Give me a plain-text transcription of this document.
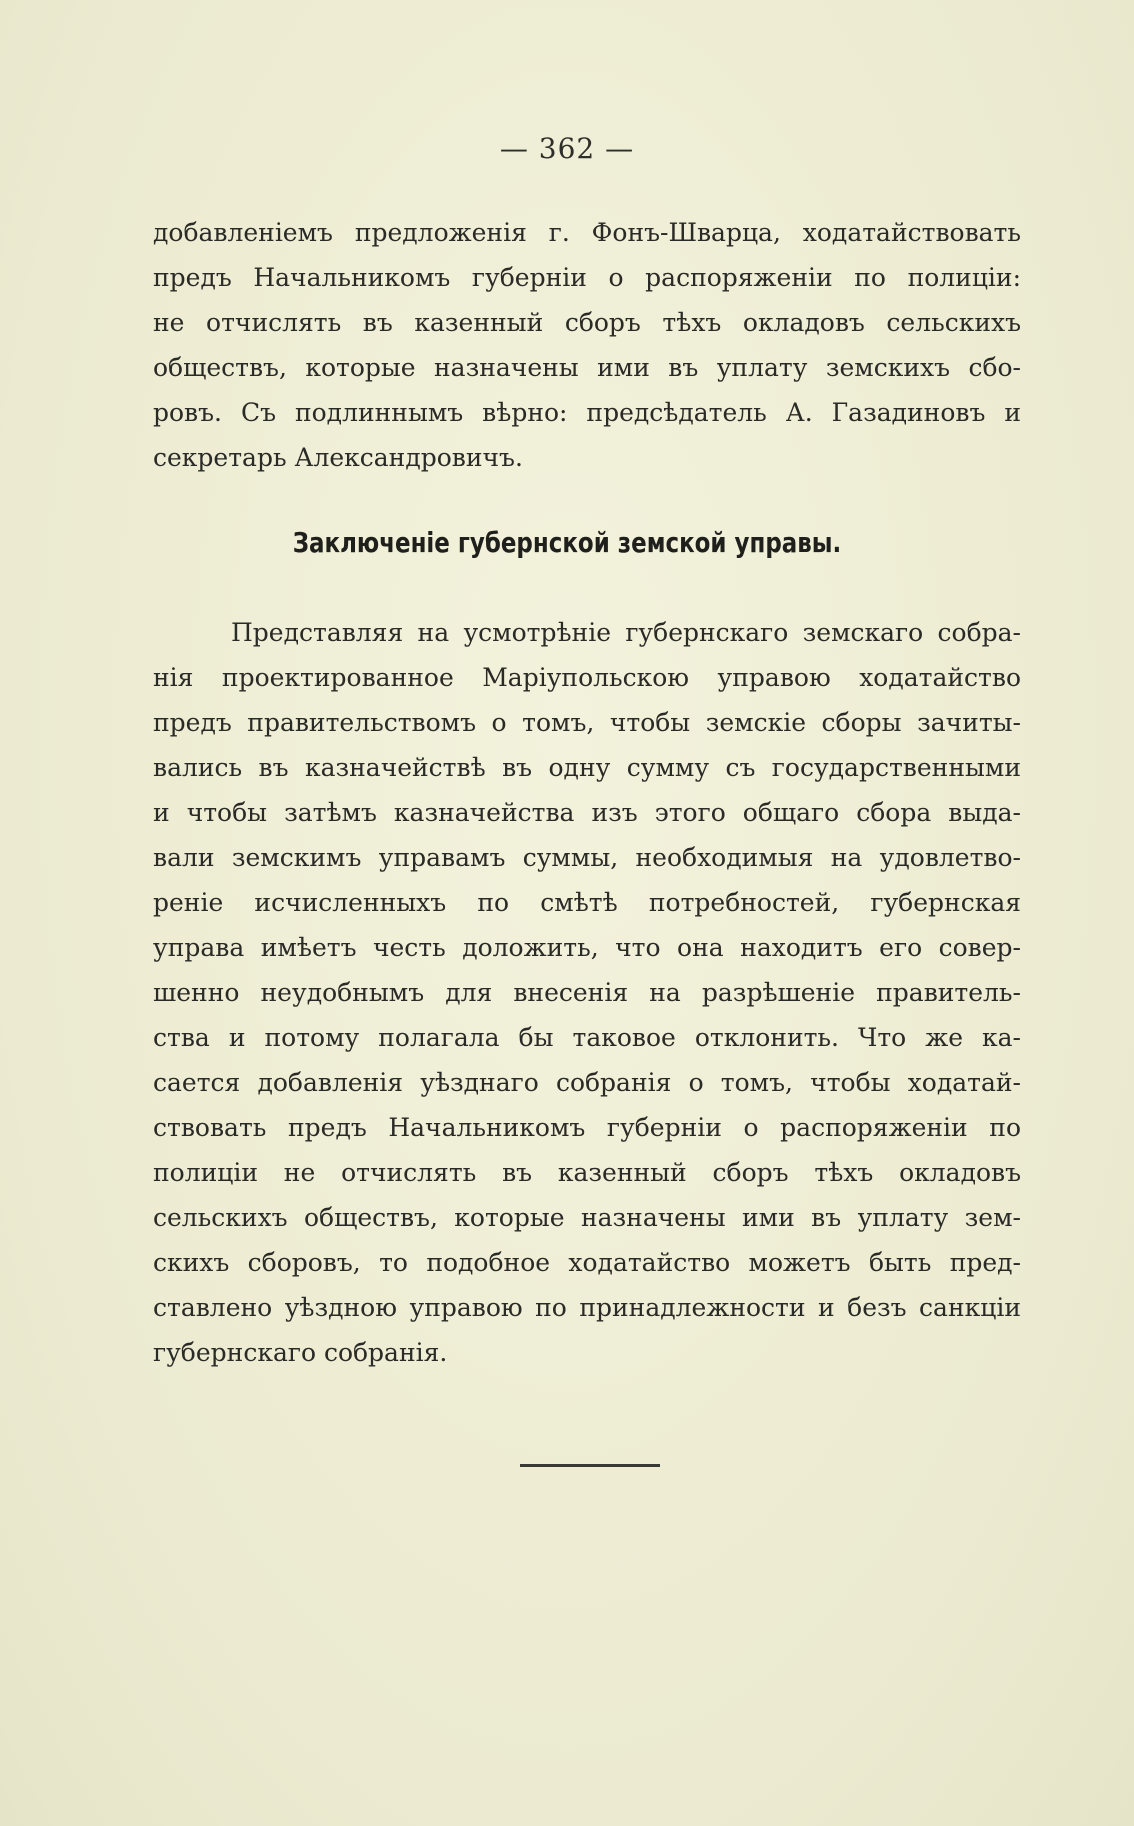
— 362 —
добавленіемъ предложенія г. Фонъ-Шварца, ходатайствовать
предъ Начальникомъ губерніи о распоряженіи по полиціи:
не отчислять въ казенный сборъ тѣхъ окладовъ сельскихъ
обществъ, которые назначены ими въ уплату земскихъ сбо-
ровъ. Съ подлиннымъ вѣрно: предсѣдатель А. Газадиновъ и
секретарь Александровичъ.
Заключеніе губернской земской управы.
Представляя на усмотрѣніе губернскаго земскаго собра-
нія проектированное Маріупольскою управою ходатайство
предъ правительствомъ о томъ, чтобы земскіе сборы зачиты-
вались въ казначействѣ въ одну сумму съ государственными
и чтобы затѣмъ казначейства изъ этого общаго сбора выда-
вали земскимъ управамъ суммы, необходимыя на удовлетво-
реніе исчисленныхъ по смѣтѣ потребностей, губернская
управа имѣетъ честь доложить, что она находитъ его совер-
шенно неудобнымъ для внесенія на разрѣшеніе правитель-
ства и потому полагала бы таковое отклонить. Что же ка-
сается добавленія уѣзднаго собранія о томъ, чтобы ходатай-
ствовать предъ Начальникомъ губерніи о распоряженіи по
полиціи не отчислять въ казенный сборъ тѣхъ окладовъ
сельскихъ обществъ, которые назначены ими въ уплату зем-
скихъ сборовъ, то подобное ходатайство можетъ быть пред-
ставлено уѣздною управою по принадлежности и безъ санкціи
губернскаго собранія.
